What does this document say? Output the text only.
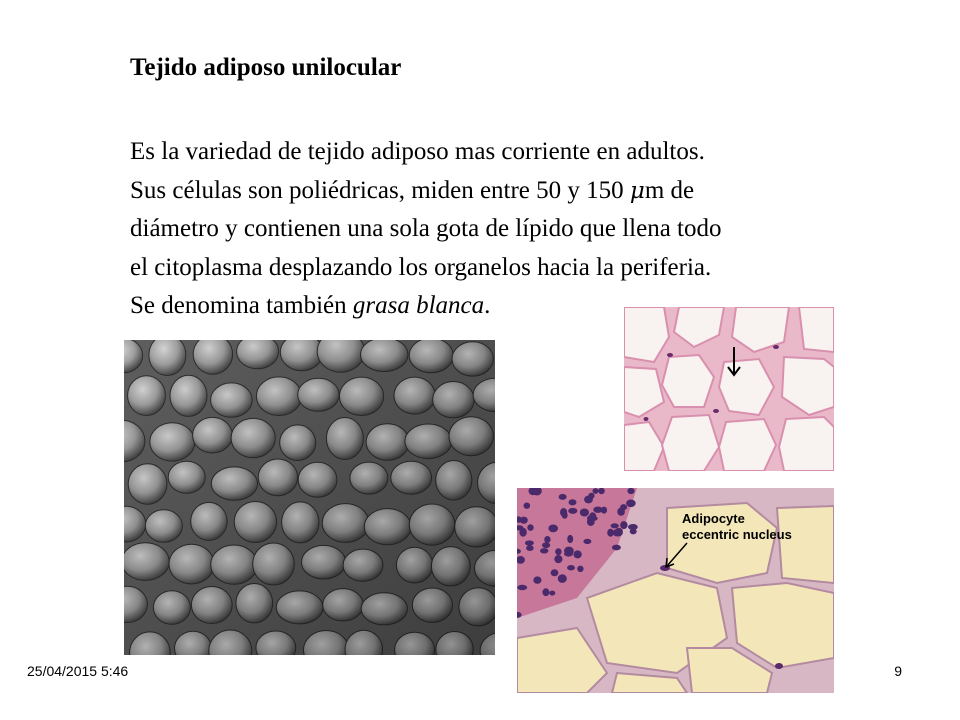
Tejido adiposo unilocular

Es la variedad de tejido adiposo mas corriente en adultos.
Sus células son poliédricas, miden entre 50 y 150 μm de
diámetro y contienen una sola gota de lípido que llena todo
el citoplasma desplazando los organelos hacia la periferia.
Se denomina también grasa blanca.

Adipocyte
eccentric nucleus
25/04/2015 5:46	9
